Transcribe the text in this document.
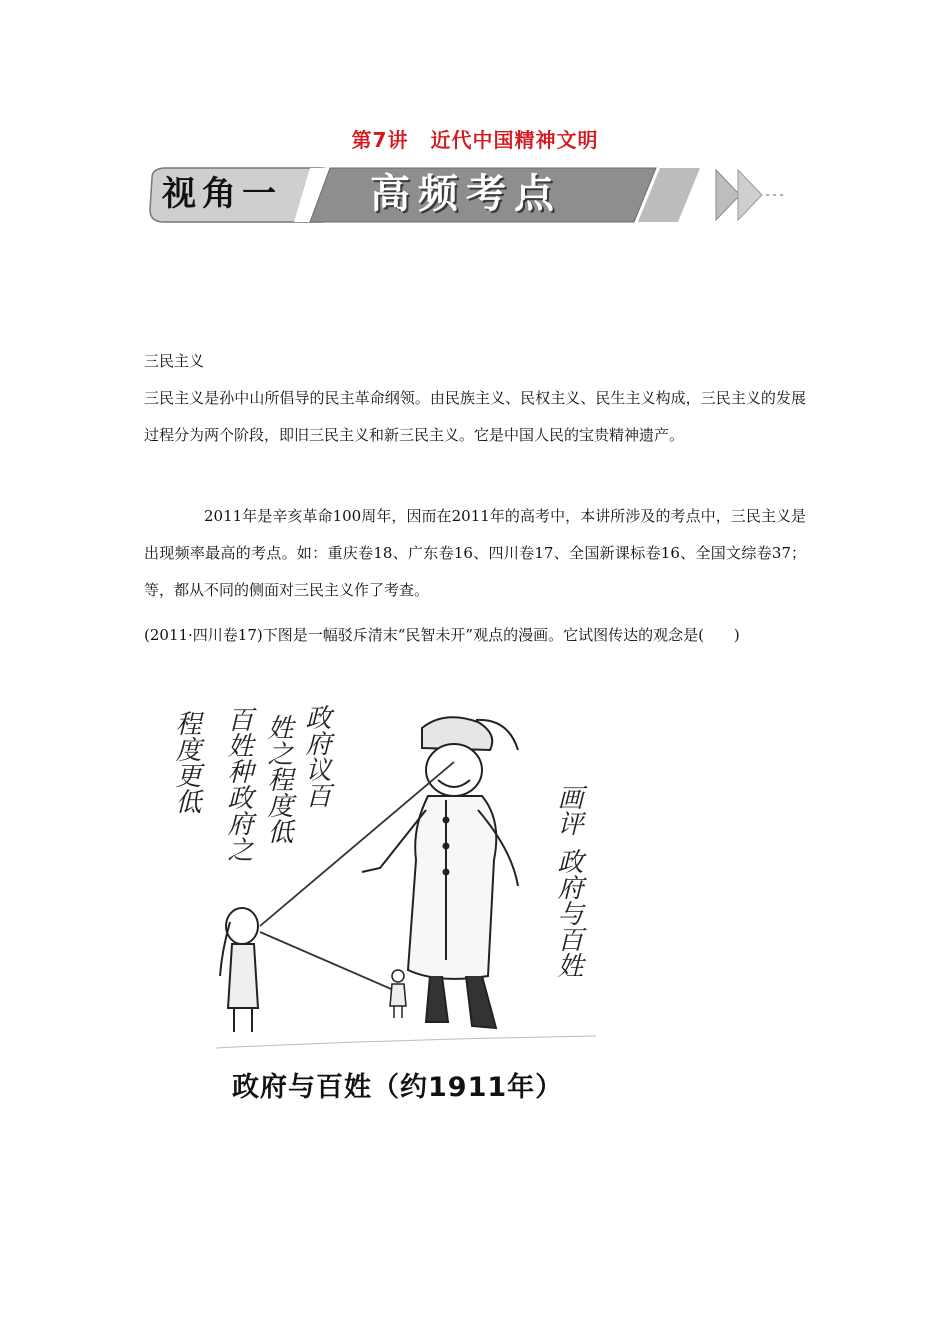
第7讲 近代中国精神文明
视角一 高频考点
三民主义
三民主义是孙中山所倡导的民主革命纲领。由民族主义、民权主义、民生主义构成，三民主义的发展过程分为两个阶段，即旧三民主义和新三民主义。它是中国人民的宝贵精神遗产。
2011年是辛亥革命100周年，因而在2011年的高考中，本讲所涉及的考点中，三民主义是出现频率最高的考点。如：重庆卷18、广东卷16、四川卷17、全国新课标卷16、全国文综卷37；等，都从不同的侧面对三民主义作了考查。
(2011·四川卷17)下图是一幅驳斥清末“民智未开”观点的漫画。它试图传达的观念是(　　)
程度更低 百姓种政府之 姓之程度低 政府议百
画评
政府与百姓
政府与百姓（约1911年）
